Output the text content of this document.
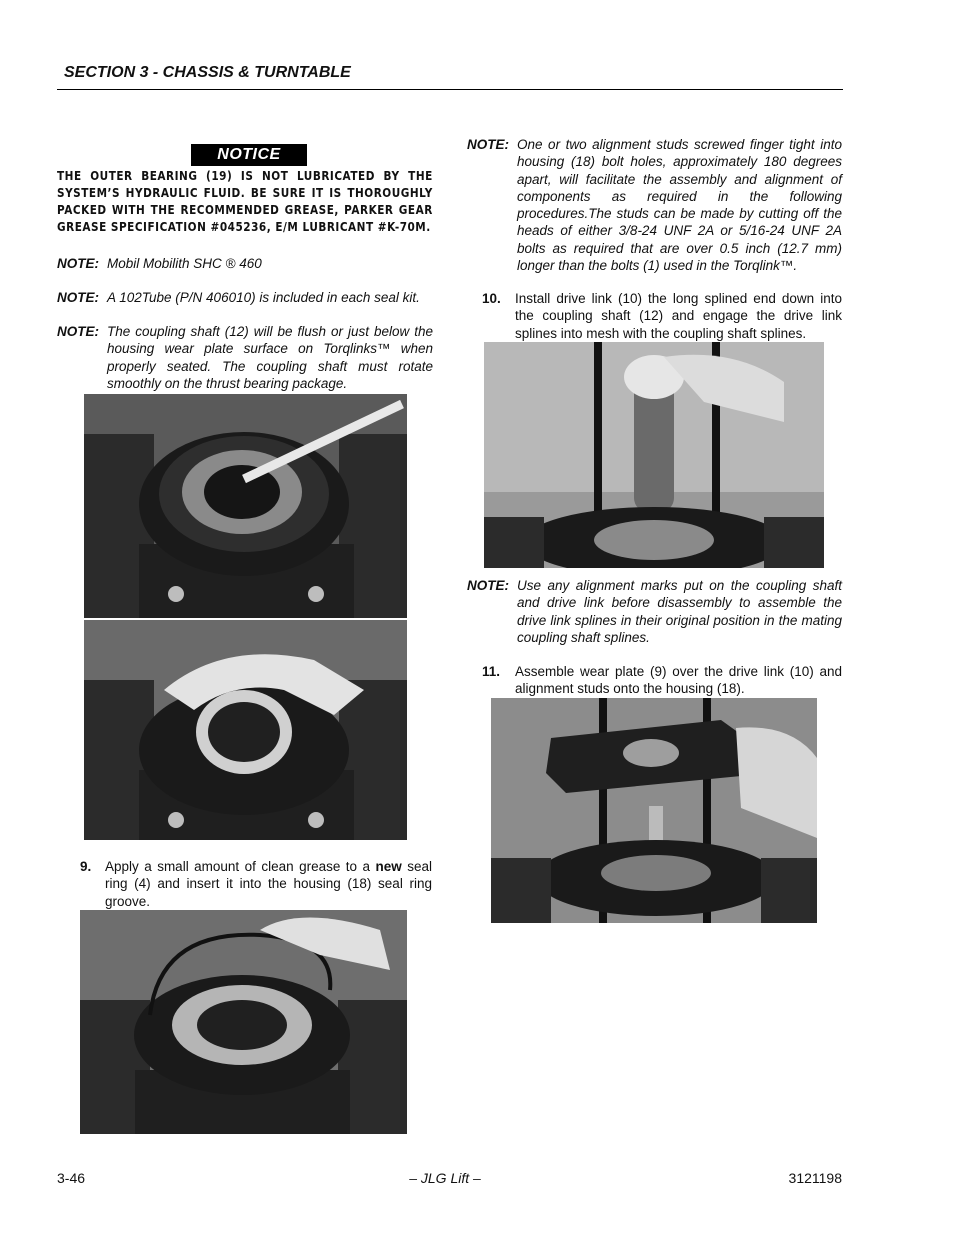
SECTION 3 - CHASSIS & TURNTABLE
NOTICE
THE OUTER BEARING (19) IS NOT LUBRICATED BY THE SYSTEM’S HYDRAULIC FLUID. BE SURE IT IS THOROUGHLY PACKED WITH THE RECOMMENDED GREASE, PARKER GEAR GREASE SPECIFICATION #045236, E/M LUBRICANT #K-70M.
NOTE: Mobil Mobilith SHC ® 460
NOTE: A 102Tube (P/N 406010) is included in each seal kit.
NOTE: The coupling shaft (12) will be flush or just below the housing wear plate surface on Torqlinks™ when properly seated. The coupling shaft must rotate smoothly on the thrust bearing package.
9. Apply a small amount of clean grease to a new seal ring (4) and insert it into the housing (18) seal ring groove.
NOTE: One or two alignment studs screwed finger tight into housing (18) bolt holes, approximately 180 degrees apart, will facilitate the assembly and alignment of components as required in the following procedures.The studs can be made by cutting off the heads of either 3/8-24 UNF 2A or 5/16-24 UNF 2A bolts as required that are over 0.5 inch (12.7 mm) longer than the bolts (1) used in the Torqlink™.
10. Install drive link (10) the long splined end down into the coupling shaft (12) and engage the drive link splines into mesh with the coupling shaft splines.
NOTE: Use any alignment marks put on the coupling shaft and drive link before disassembly to assemble the drive link splines in their original position in the mating coupling shaft splines.
11. Assemble wear plate (9) over the drive link (10) and alignment studs onto the housing (18).
3-46	– JLG Lift –	3121198
